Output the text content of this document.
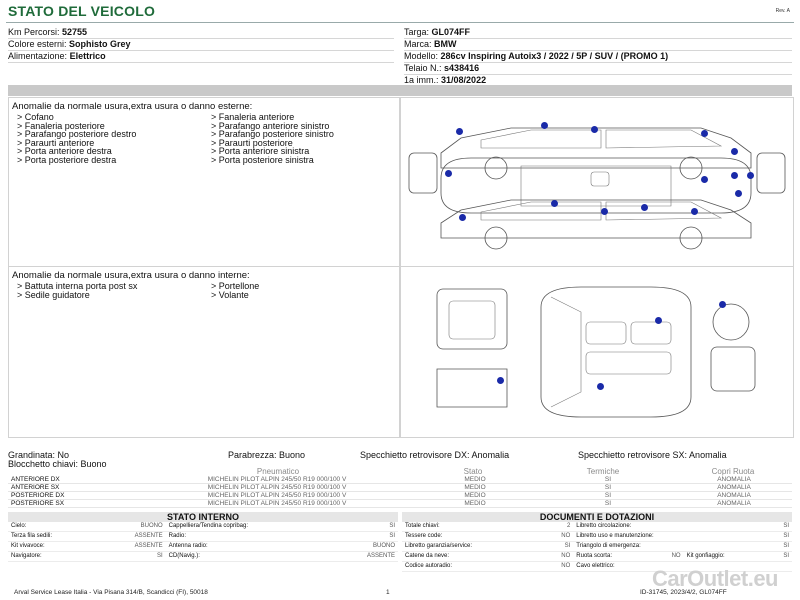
STATO DEL VEICOLO	Rev. A
Km Percorsi: 52755
Colore esterni: Sophisto Grey
Alimentazione: Elettrico
Targa: GL074FF
Marca: BMW
Modello: 286cv Inspiring Autoix3 / 2022 / 5P / SUV / (PROMO 1)
Telaio N.: s438416
1a imm.: 31/08/2022
Anomalie da normale usura,extra usura o danno esterne:
> Cofano
> Fanaleria posteriore
> Parafango posteriore destro
> Paraurti anteriore
> Porta anteriore destra
> Porta posteriore destra
> Fanaleria anteriore
> Parafango anteriore sinistro
> Parafango posteriore sinistro
> Paraurti posteriore
> Porta anteriore sinistra
> Porta posteriore sinistra
Anomalie da normale usura,extra usura o danno interne:
> Battuta interna porta post sx
> Sedile guidatore
> Portellone
> Volante
Grandinata: No	Parabrezza: Buono	Specchietto retrovisore DX: Anomalia	Specchietto retrovisore SX: Anomalia
Blocchetto chiavi: Buono
Pneumatico	Stato	Termiche	Copri Ruota
ANTERIORE DX	MICHELIN PILOT ALPIN 245/50 R19 000/100 V	MEDIO	SI	ANOMALIA
ANTERIORE SX	MICHELIN PILOT ALPIN 245/50 R19 000/100 V	MEDIO	SI	ANOMALIA
POSTERIORE DX	MICHELIN PILOT ALPIN 245/50 R19 000/100 V	MEDIO	SI	ANOMALIA
POSTERIORE SX	MICHELIN PILOT ALPIN 245/50 R19 000/100 V	MEDIO	SI	ANOMALIA
STATO INTERNO
Cielo:	BUONO	Cappelliera/Tendina copribag:	SI
Terza fila sedili:	ASSENTE	Radio:	SI
Kit vivavoce:	ASSENTE	Antenna radio:	BUONO
Navigatore:	SI	CD(Navig.):	ASSENTE
DOCUMENTI E DOTAZIONI
Totale chiavi:	2	Libretto circolazione:			SI
Tessere code:	NO	Libretto uso e manutenzione:			SI
Libretto garanzia/service:	SI	Triangolo di emergenza:			SI
Catene da neve:	NO	Ruota scorta:	NO	Kit gonfiaggio:	SI
Codice autoradio:	NO	Cavo elettrico:			
Arval Service Lease Italia - Via Pisana 314/B, Scandicci (FI), 50018	1	ID-31745, 2023/4/2, GL074FF
CarOutlet.eu
